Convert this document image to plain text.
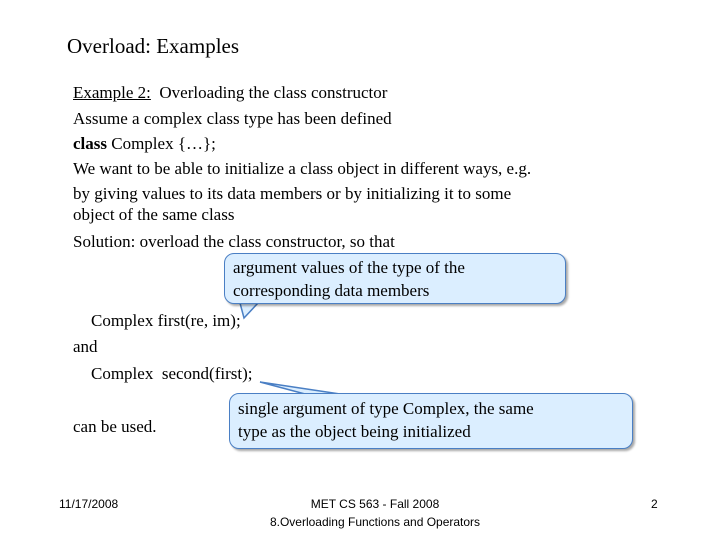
Overload: Examples
Example 2:  Overloading the class constructor
Assume a complex class type has been defined
class Complex {…};
We want to be able to initialize a class object in different ways, e.g.
by giving values to its data members or by initializing it to some
object of the same class
Solution: overload the class constructor, so that
Complex first(re, im);
and
Complex  second(first);
can be used.
argument values of the type of the
corresponding data members
single argument of type Complex, the same
type as the object being initialized
11/17/2008	MET CS 563 - Fall 2008
8.Overloading Functions and Operators
2
